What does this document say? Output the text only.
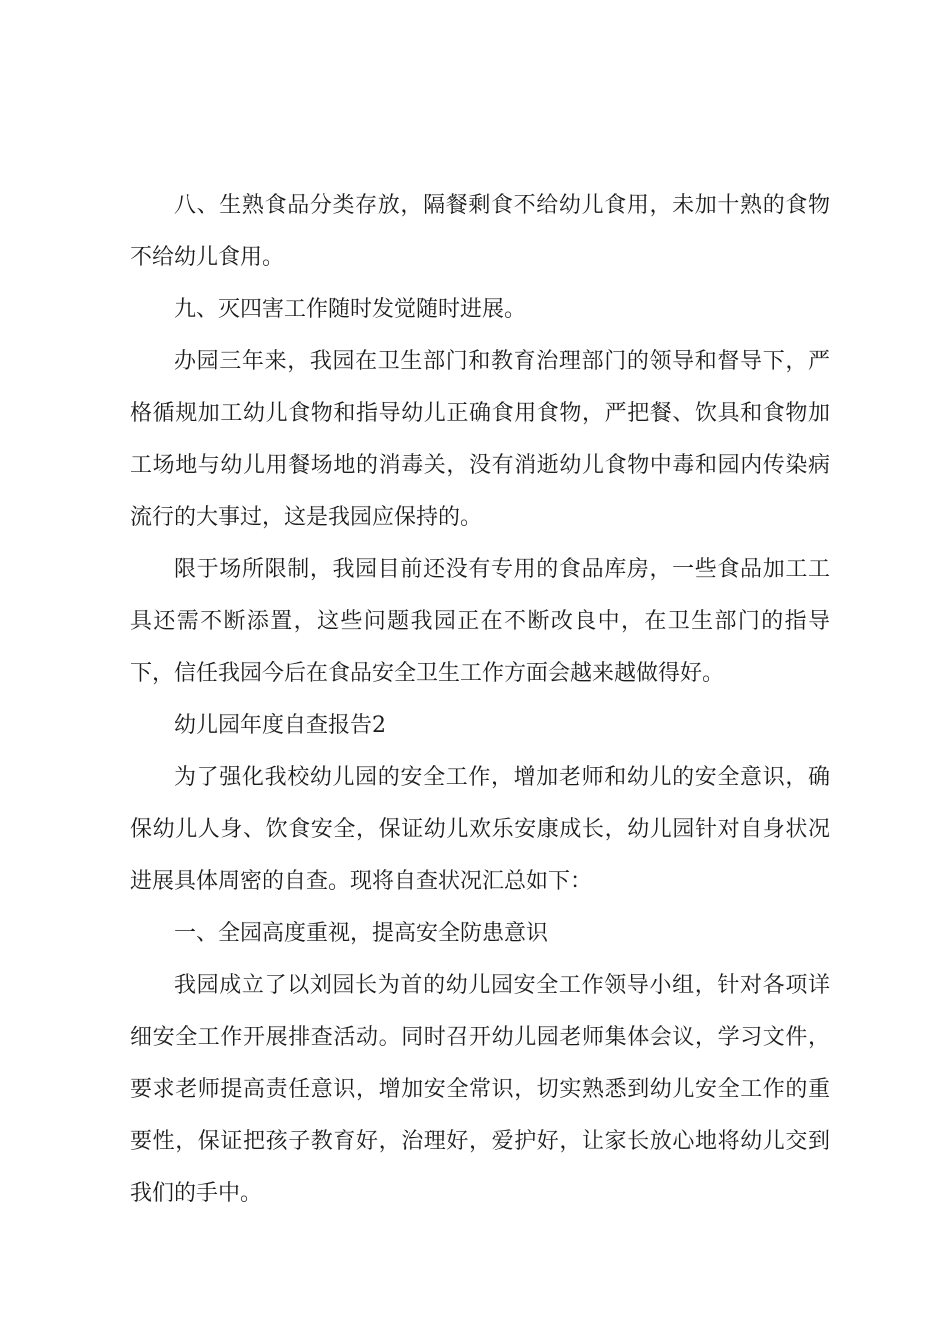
八、生熟食品分类存放，隔餐剩食不给幼儿食用，未加十熟的食物不给幼儿食用。

九、灭四害工作随时发觉随时进展。

办园三年来，我园在卫生部门和教育治理部门的领导和督导下，严格循规加工幼儿食物和指导幼儿正确食用食物，严把餐、饮具和食物加工场地与幼儿用餐场地的消毒关，没有消逝幼儿食物中毒和园内传染病流行的大事过，这是我园应保持的。

限于场所限制，我园目前还没有专用的食品库房，一些食品加工工具还需不断添置，这些问题我园正在不断改良中，在卫生部门的指导下，信任我园今后在食品安全卫生工作方面会越来越做得好。

幼儿园年度自查报告2

为了强化我校幼儿园的安全工作，增加老师和幼儿的安全意识，确保幼儿人身、饮食安全，保证幼儿欢乐安康成长，幼儿园针对自身状况进展具体周密的自查。现将自查状况汇总如下：

一、全园高度重视，提高安全防患意识

我园成立了以刘园长为首的幼儿园安全工作领导小组，针对各项详细安全工作开展排查活动。同时召开幼儿园老师集体会议，学习文件，要求老师提高责任意识，增加安全常识，切实熟悉到幼儿安全工作的重要性，保证把孩子教育好，治理好，爱护好，让家长放心地将幼儿交到我们的手中。
